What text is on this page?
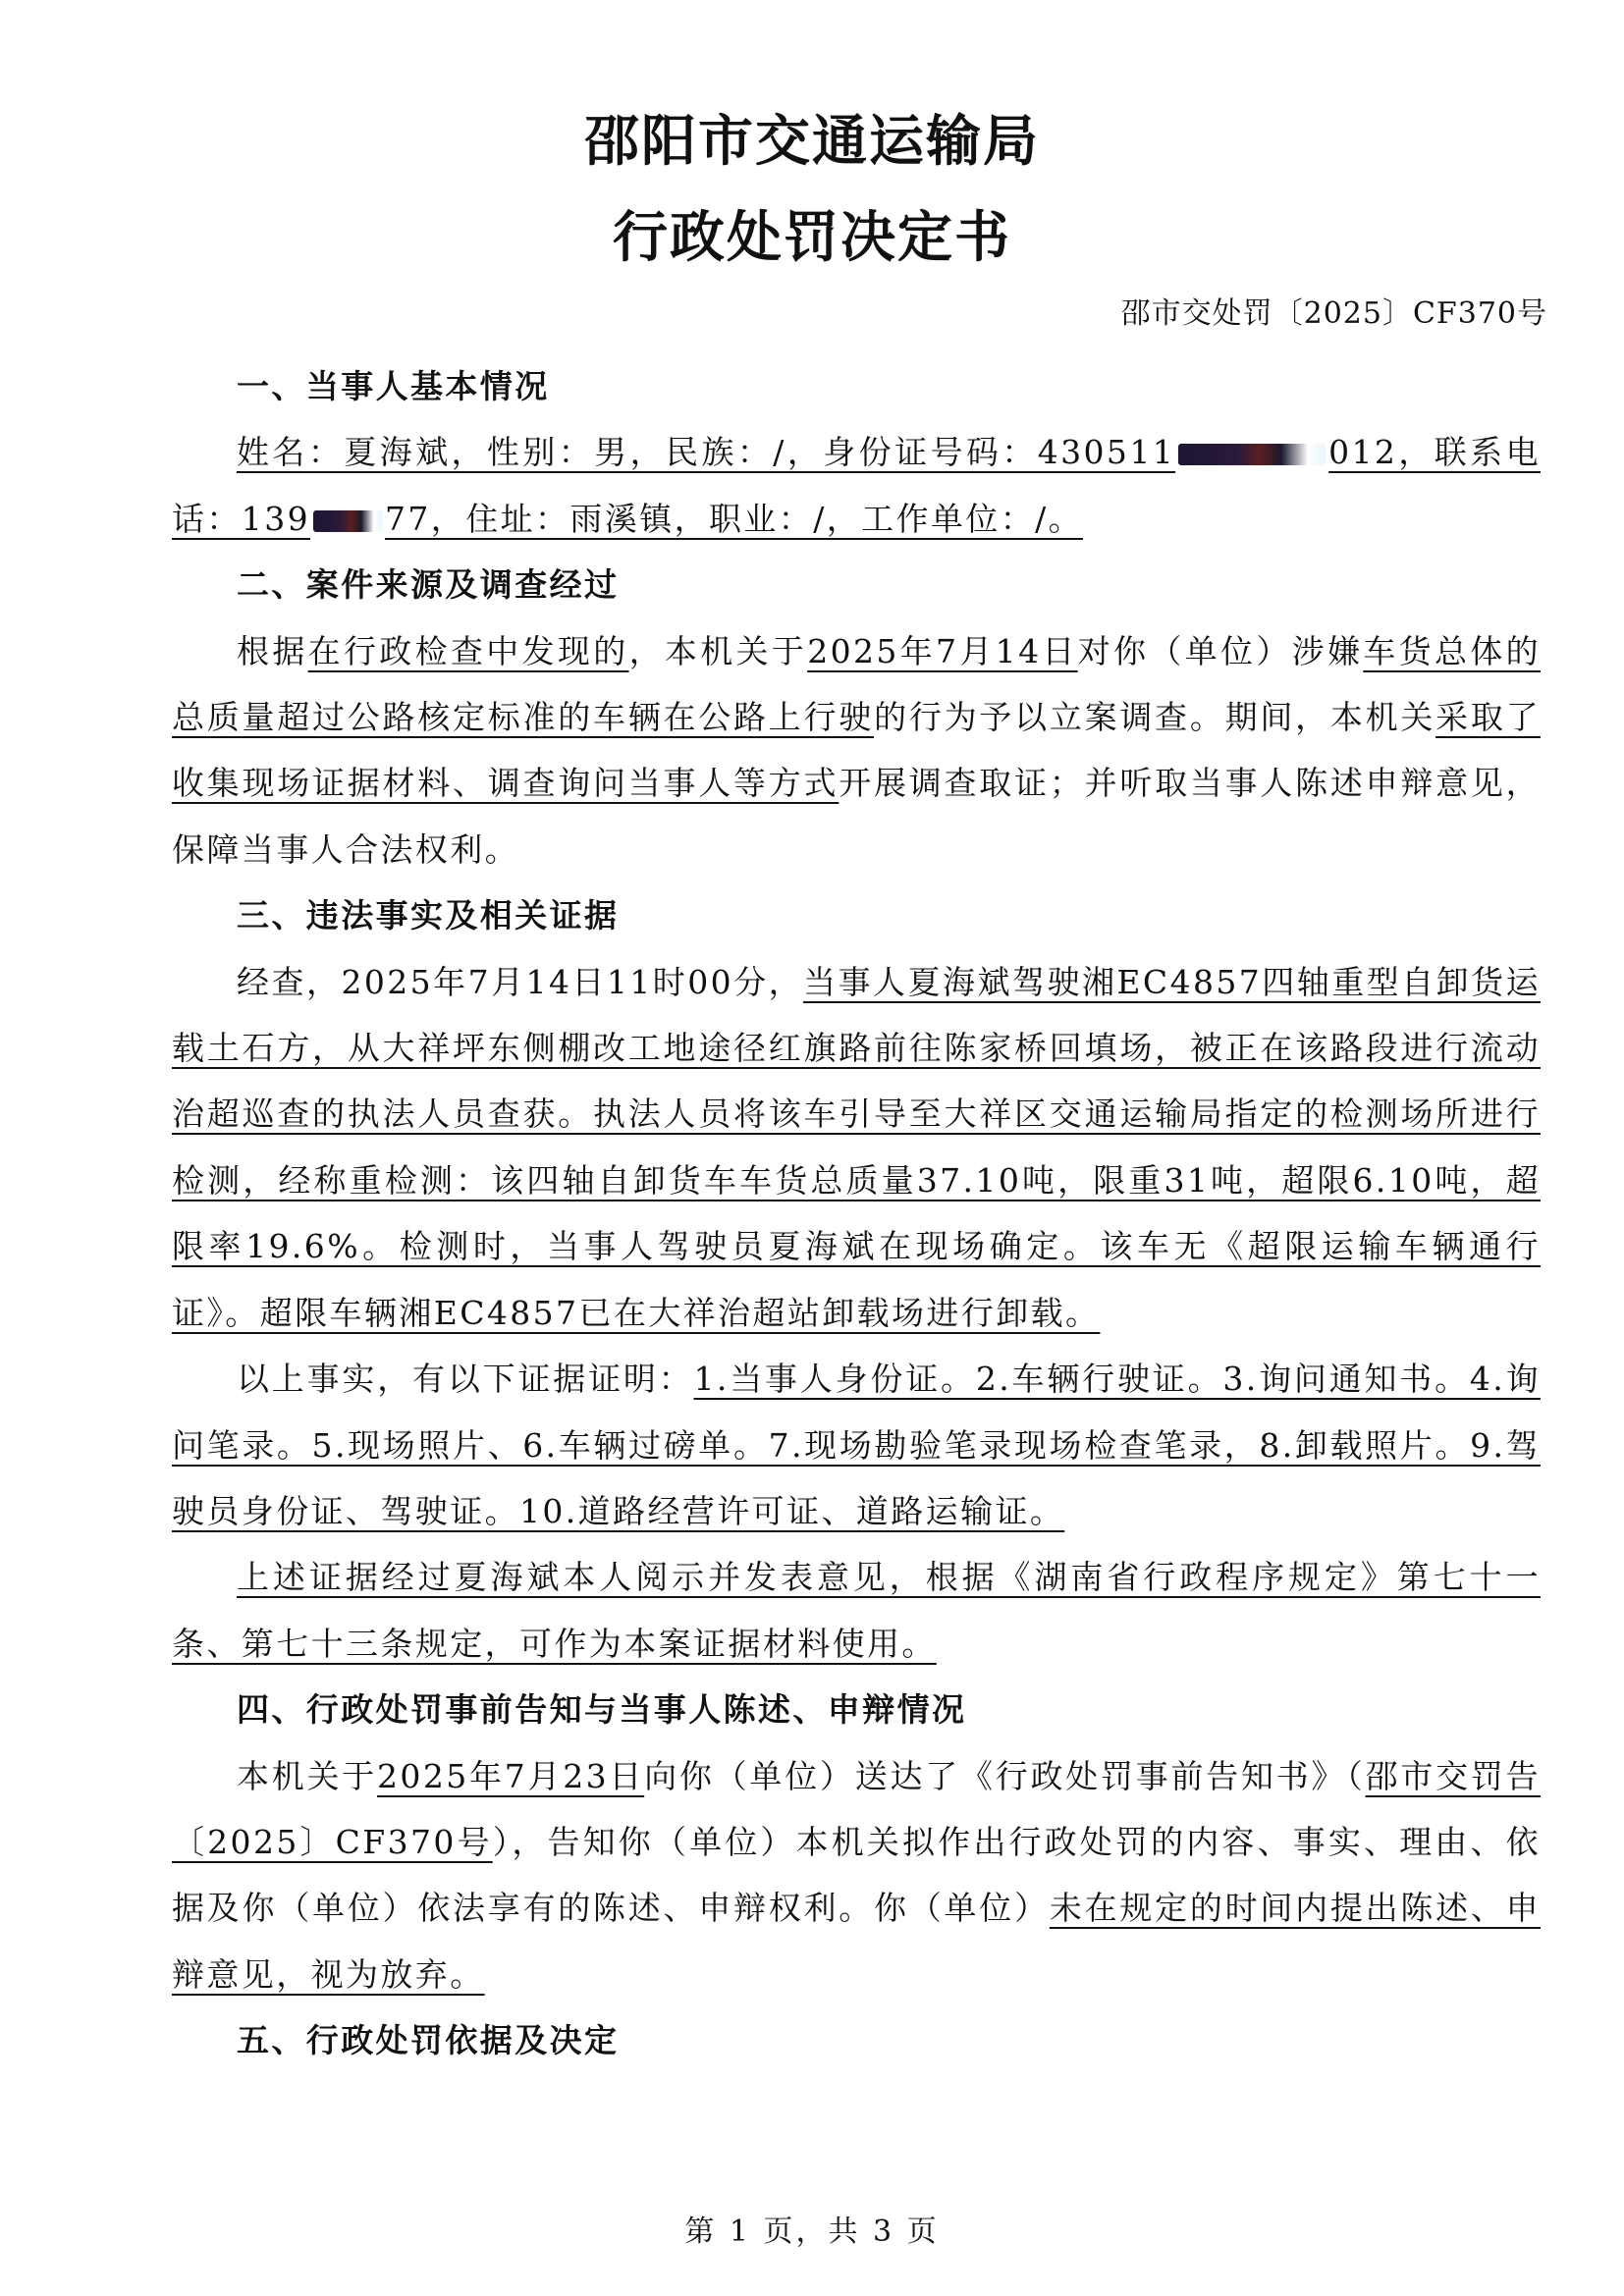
邵阳市交通运输局
行政处罚决定书
邵市交处罚〔2025〕CF370号

一、当事人基本情况

姓名：夏海斌，性别：男，民族：/，身份证号码：430511	012，联系电话：139 77，住址：雨溪镇，职业：/，工作单位：/。

二、案件来源及调查经过

根据在行政检查中发现的，本机关于2025年7月14日对你（单位）涉嫌车货总体的总质量超过公路核定标准的车辆在公路上行驶的行为予以立案调查。期间，本机关采取了收集现场证据材料、调查询问当事人等方式开展调查取证；并听取当事人陈述申辩意见，保障当事人合法权利。

三、违法事实及相关证据

经查，2025年7月14日11时00分，当事人夏海斌驾驶湘EC4857四轴重型自卸货运载土石方，从大祥坪东侧棚改工地途径红旗路前往陈家桥回填场，被正在该路段进行流动治超巡查的执法人员查获。执法人员将该车引导至大祥区交通运输局指定的检测场所进行检测，经称重检测：该四轴自卸货车车货总质量37.10吨，限重31吨，超限6.10吨，超限率19.6%。检测时，当事人驾驶员夏海斌在现场确定。该车无《超限运输车辆通行证》。超限车辆湘EC4857已在大祥治超站卸载场进行卸载。

以上事实，有以下证据证明：1.当事人身份证。2.车辆行驶证。3.询问通知书。4.询问笔录。5.现场照片、6.车辆过磅单。7.现场勘验笔录现场检查笔录，8.卸载照片。9.驾驶员身份证、驾驶证。10.道路经营许可证、道路运输证。

上述证据经过夏海斌本人阅示并发表意见，根据《湖南省行政程序规定》第七十一条、第七十三条规定，可作为本案证据材料使用。

四、行政处罚事前告知与当事人陈述、申辩情况

本机关于2025年7月23日向你（单位）送达了《行政处罚事前告知书》（邵市交罚告〔2025〕CF370号），告知你（单位）本机关拟作出行政处罚的内容、事实、理由、依据及你（单位）依法享有的陈述、申辩权利。你（单位）未在规定的时间内提出陈述、申辩意见，视为放弃。

五、行政处罚依据及决定

第 1 页，共 3 页
